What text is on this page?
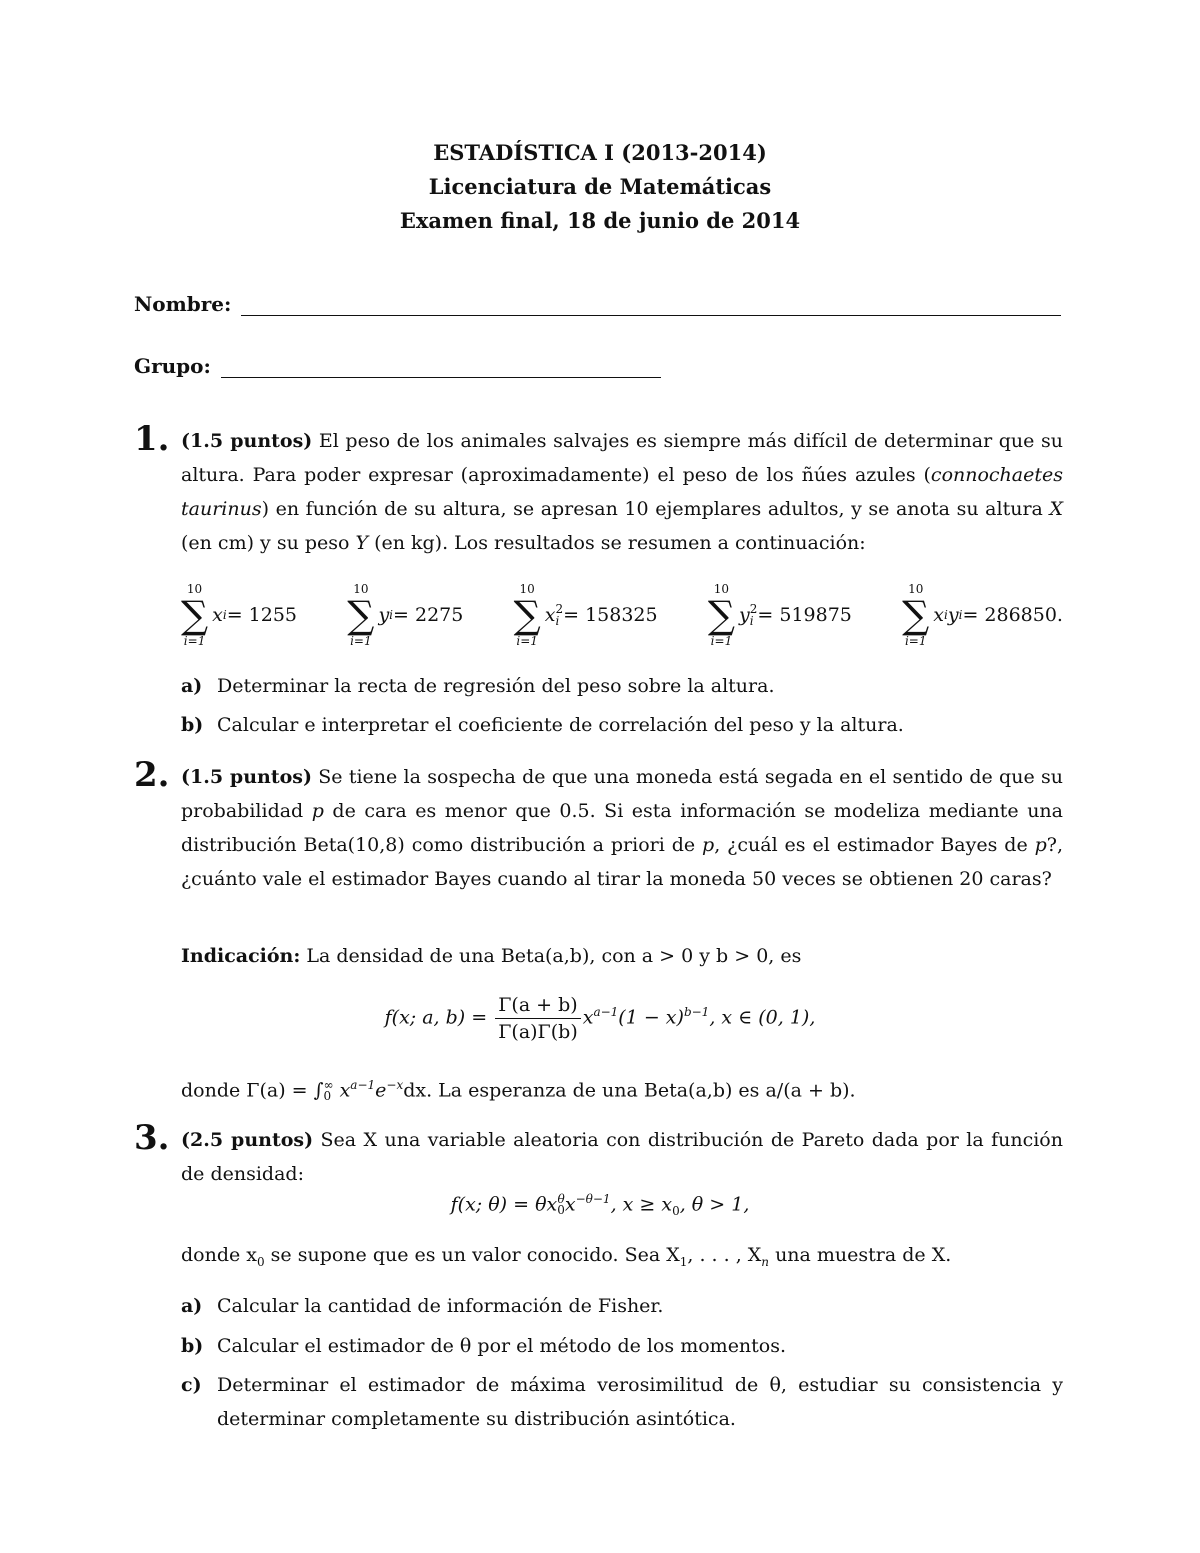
ESTADÍSTICA I (2013-2014)
Licenciatura de Matemáticas
Examen final, 18 de junio de 2014
Nombre:
Grupo:
1. (1.5 puntos) El peso de los animales salvajes es siempre más difícil de determinar que su altura. Para poder expresar (aproximadamente) el peso de los ñúes azules (connochaetes taurinus) en función de su altura, se apresan 10 ejemplares adultos, y se anota su altura X (en cm) y su peso Y (en kg). Los resultados se resumen a continuación:
10
∑
i=1
x i = 1255
10
∑
i=1
y i = 2275
10
∑
i=1
x 2
i = 158325
10
∑
i=1
y 2
i = 519875
10
∑
i=1
x i y i = 286850.
a) Determinar la recta de regresión del peso sobre la altura.
b) Calcular e interpretar el coeficiente de correlación del peso y la altura.
2. (1.5 puntos) Se tiene la sospecha de que una moneda está segada en el sentido de que su probabilidad p de cara es menor que 0.5. Si esta información se modeliza mediante una distribución Beta(10,8) como distribución a priori de p, ¿cuál es el estimador Bayes de p?, ¿cuánto vale el estimador Bayes cuando al tirar la moneda 50 veces se obtienen 20 caras?
Indicación: La densidad de una Beta(a,b), con a > 0 y b > 0, es
f(x; a, $b) = \frac{\Gamma(a + b)}{\Gamma(a)\Gamma(b)} x^{a-1}(1 - x)^{b-1}$, x ∈ (0, 1),
donde Γ(a) = ∫ ∞
0 $x^{a-1}e^{-x}dx$. La esperanza de una Beta(a,b) es a/(a + b).
3. (2.5 puntos) Sea X una variable aleatoria con distribución de Pareto dada por la función de densidad:
f(x; θ) = θx θ
0 $x^{-\theta-1}$, $x \ge x_0$, θ > 1,
donde $x_0$ se supone que es un valor conocido. Sea $X_1$, . . . , $X_n$ una muestra de X.
a) Calcular la cantidad de información de Fisher.
b) Calcular el estimador de θ por el método de los momentos.
c) Determinar el estimador de máxima verosimilitud de θ, estudiar su consistencia y determinar completamente su distribución asintótica.
